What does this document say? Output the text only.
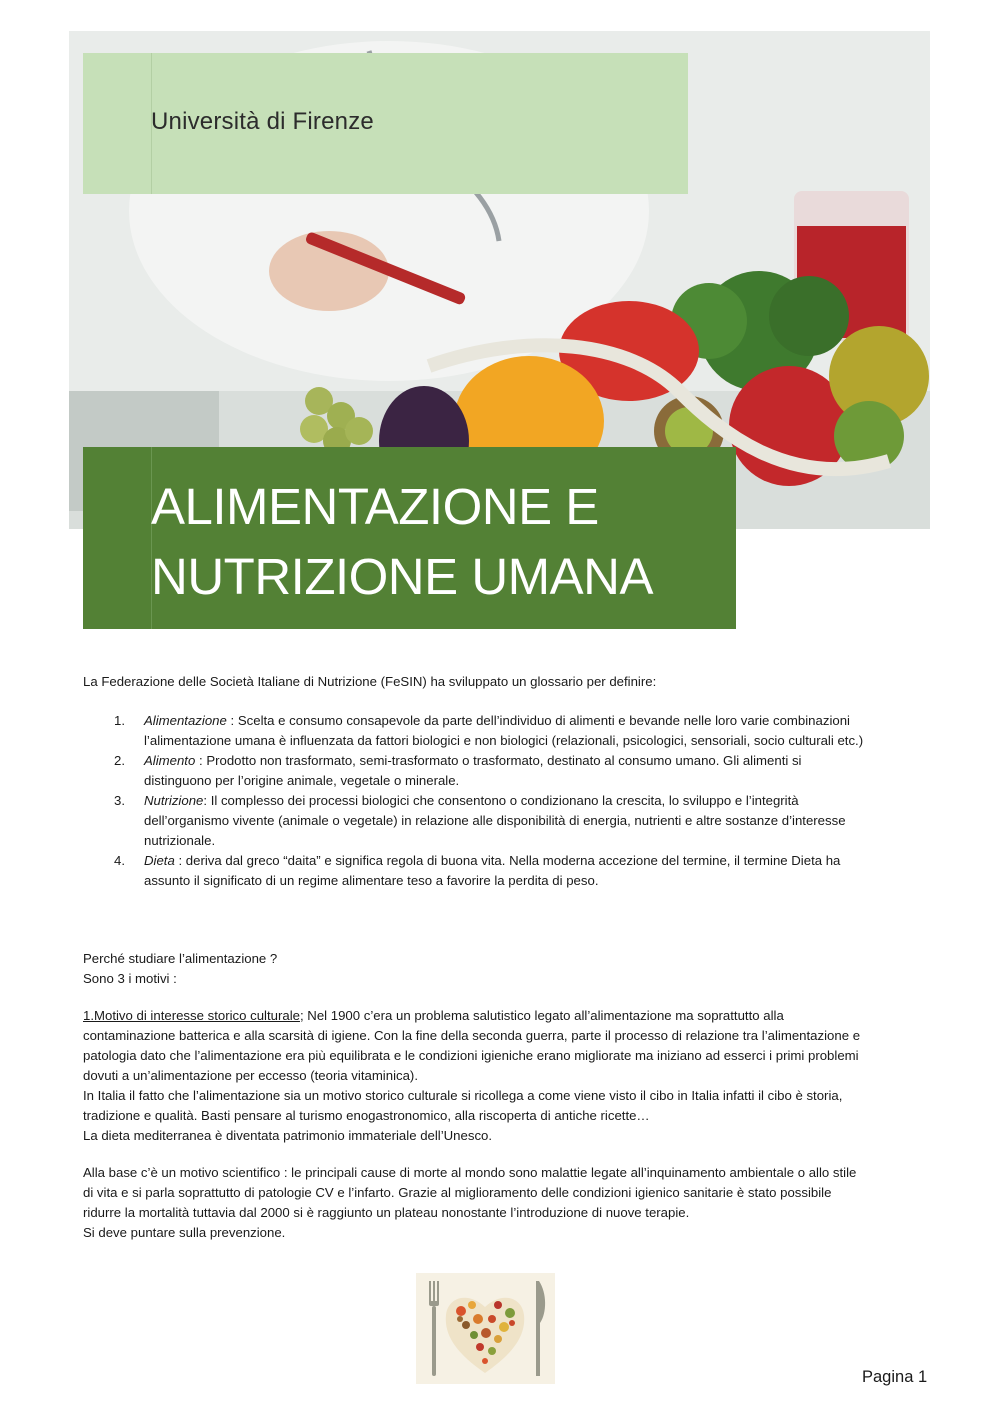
Università di Firenze
ALIMENTAZIONE E
NUTRIZIONE UMANA

La Federazione delle Società Italiane di Nutrizione (FeSIN) ha sviluppato un glossario per definire:

1. Alimentazione : Scelta e consumo consapevole da parte dell’individuo di alimenti e bevande nelle loro varie combinazioni
l’alimentazione umana è influenzata da fattori biologici e non biologici (relazionali, psicologici, sensoriali, socio culturali etc.)
2. Alimento : Prodotto non trasformato, semi-trasformato o trasformato, destinato al consumo umano. Gli alimenti si
distinguono per l’origine animale, vegetale o minerale.
3. Nutrizione: Il complesso dei processi biologici che consentono o condizionano la crescita, lo sviluppo e l’integrità
dell’organismo vivente (animale o vegetale) in relazione alle disponibilità di energia, nutrienti e altre sostanze d’interesse
nutrizionale.
4. Dieta : deriva dal greco “daita” e significa regola di buona vita. Nella moderna accezione del termine, il termine Dieta ha
assunto il significato di un regime alimentare teso a favorire la perdita di peso.

Perché studiare l’alimentazione ?

Sono 3 i motivi :

1.Motivo di interesse storico culturale; Nel 1900 c’era un problema salutistico legato all’alimentazione ma soprattutto alla
contaminazione batterica e alla scarsità di igiene. Con la fine della seconda guerra, parte il processo di relazione tra l’alimentazione e
patologia dato che l’alimentazione era più equilibrata e le condizioni igieniche erano migliorate ma iniziano ad esserci i primi problemi
dovuti a un’alimentazione per eccesso (teoria vitaminica).
In Italia il fatto che l’alimentazione sia un motivo storico culturale si ricollega a come viene visto il cibo in Italia infatti il cibo è storia,
tradizione e qualità. Basti pensare al turismo enogastronomico, alla riscoperta di antiche ricette…
La dieta mediterranea è diventata patrimonio immateriale dell’Unesco.
Alla base c’è un motivo scientifico : le principali cause di morte al mondo sono malattie legate all’inquinamento ambientale o allo stile
di vita e si parla soprattutto di patologie CV e l’infarto. Grazie al miglioramento delle condizioni igienico sanitarie è stato possibile
ridurre la mortalità tuttavia dal 2000 si è raggiunto un plateau nonostante l’introduzione di nuove terapie.
Si deve puntare sulla prevenzione.
Pagina 1
